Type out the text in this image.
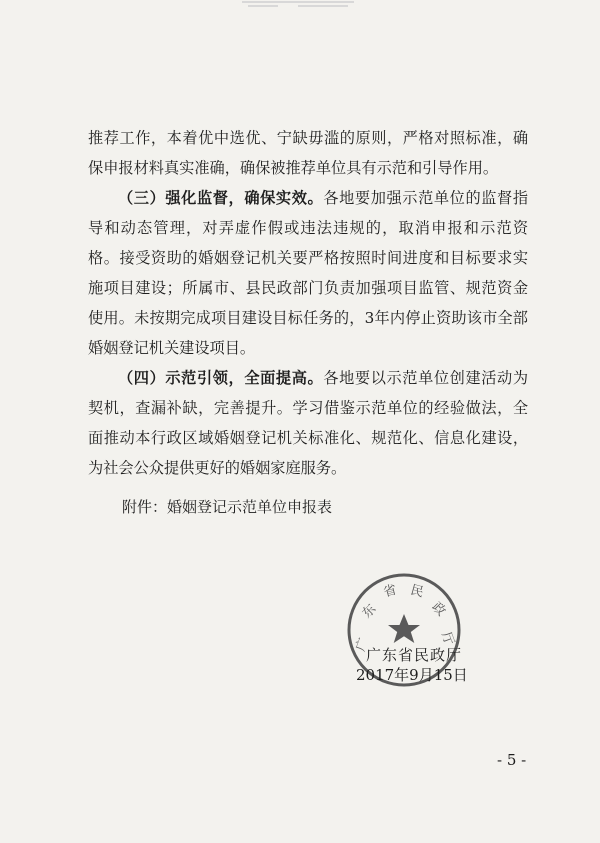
推荐工作，本着优中选优、宁缺毋滥的原则，严格对照标准，确保申报材料真实准确，确保被推荐单位具有示范和引导作用。

（三）强化监督，确保实效。各地要加强示范单位的监督指导和动态管理，对弄虚作假或违法违规的，取消申报和示范资格。接受资助的婚姻登记机关要严格按照时间进度和目标要求实施项目建设；所属市、县民政部门负责加强项目监管、规范资金使用。未按期完成项目建设目标任务的，3年内停止资助该市全部婚姻登记机关建设项目。

（四）示范引领，全面提高。各地要以示范单位创建活动为契机，查漏补缺，完善提升。学习借鉴示范单位的经验做法，全面推动本行政区域婚姻登记机关标准化、规范化、信息化建设，为社会公众提供更好的婚姻家庭服务。

附件：婚姻登记示范单位申报表
广
东
省 民
政
厅
广东省民政厅
2017年9月15日
- 5 -
